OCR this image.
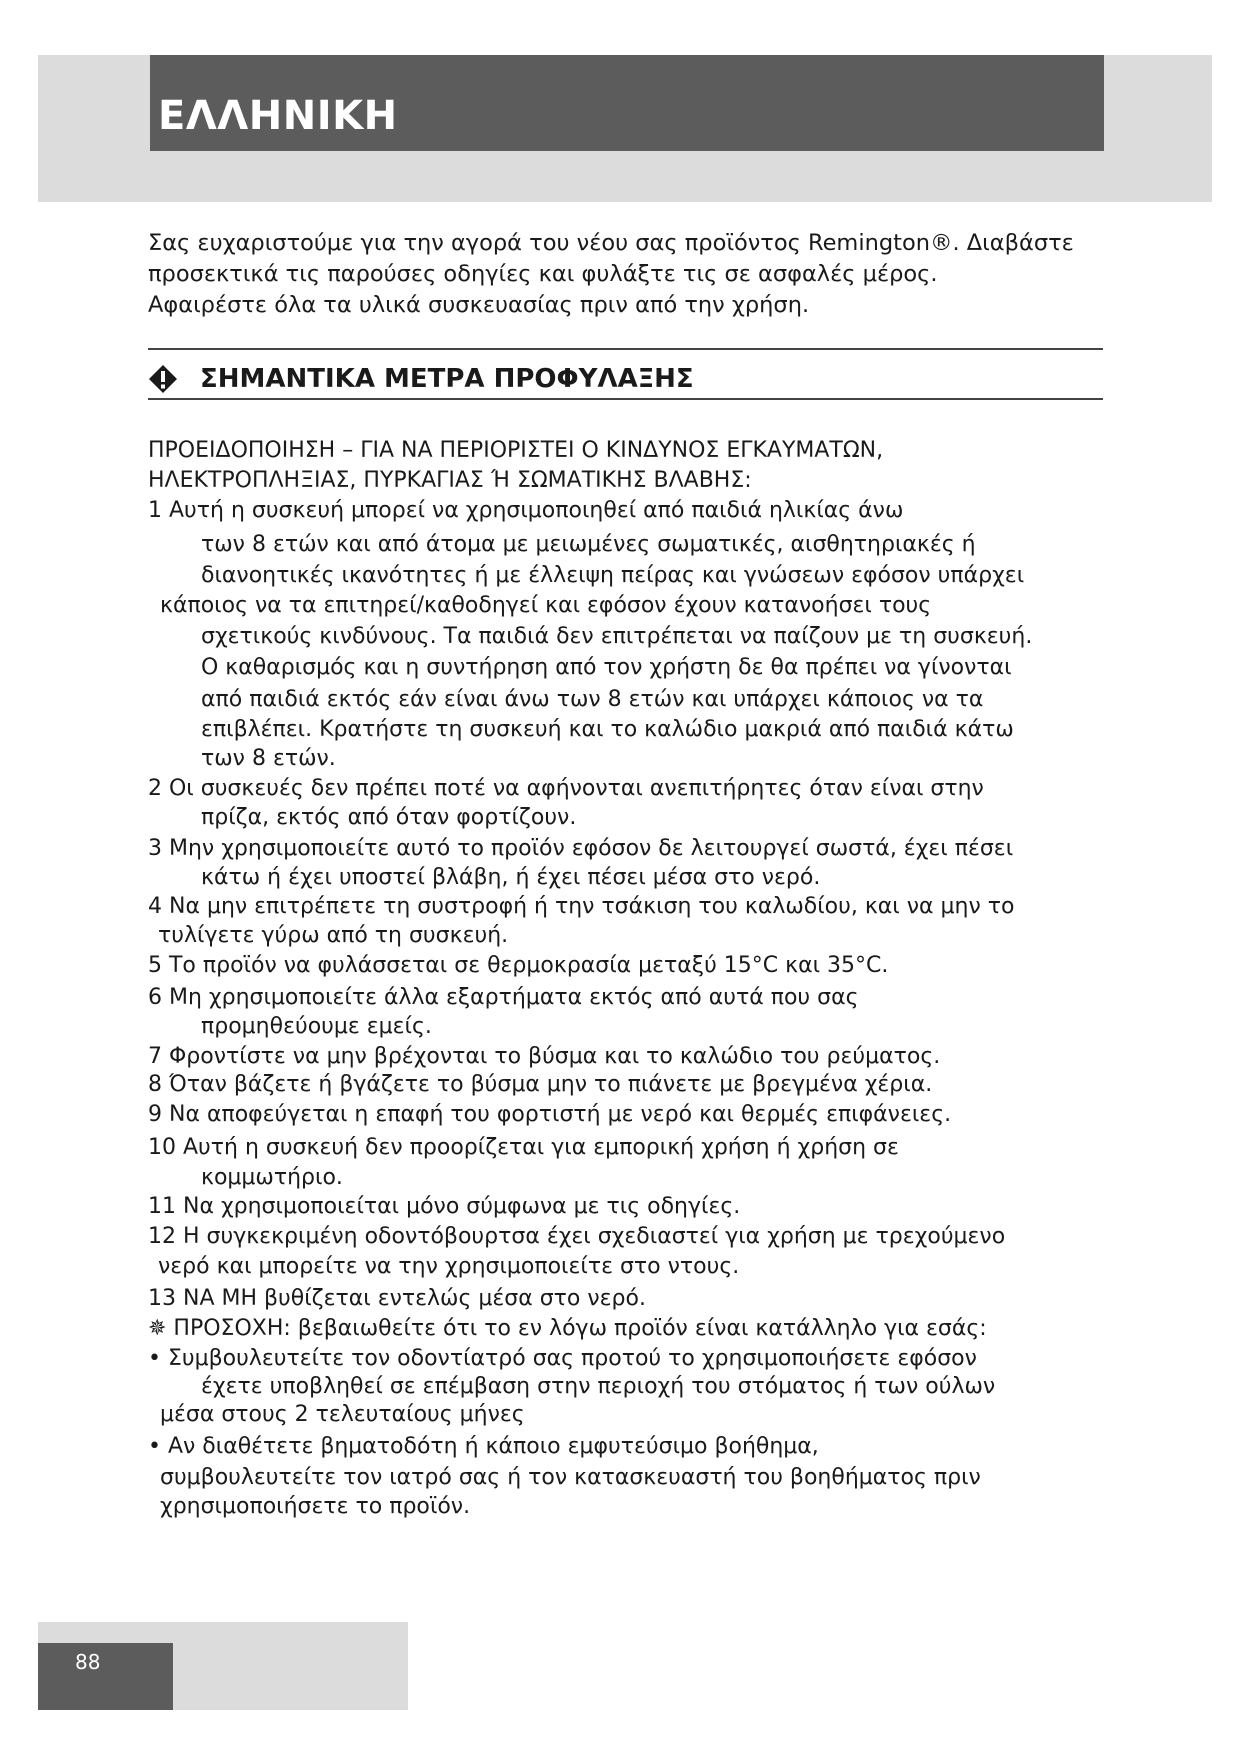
ΕΛΛΗΝΙΚΗ
Σας ευχαριστούμε για την αγορά του νέου σας προϊόντος Remington®. Διαβάστε
προσεκτικά τις παρούσες οδηγίες και φυλάξτε τις σε ασφαλές μέρος.
Αφαιρέστε όλα τα υλικά συσκευασίας πριν από την χρήση.
ΣΗΜΑΝΤΙΚΑ ΜΕΤΡΑ ΠΡΟΦΥΛΑΞΗΣ
ΠΡΟΕΙΔΟΠΟΙΗΣΗ – ΓΙΑ ΝΑ ΠΕΡΙΟΡΙΣΤΕΙ Ο ΚΙΝΔΥΝΟΣ ΕΓΚΑΥΜΑΤΩΝ,
ΗΛΕΚΤΡΟΠΛΗΞΙΑΣ, ΠΥΡΚΑΓΙΑΣ Ή ΣΩΜΑΤΙΚΗΣ ΒΛΑΒΗΣ:
1 Αυτή η συσκευή μπορεί να χρησιμοποιηθεί από παιδιά ηλικίας άνω
των 8 ετών και από άτομα με μειωμένες σωματικές, αισθητηριακές ή
διανοητικές ικανότητες ή με έλλειψη πείρας και γνώσεων εφόσον υπάρχει
κάποιος να τα επιτηρεί/καθοδηγεί και εφόσον έχουν κατανοήσει τους
σχετικούς κινδύνους. Τα παιδιά δεν επιτρέπεται να παίζουν με τη συσκευή.
Ο καθαρισμός και η συντήρηση από τον χρήστη δε θα πρέπει να γίνονται
από παιδιά εκτός εάν είναι άνω των 8 ετών και υπάρχει κάποιος να τα
επιβλέπει. Κρατήστε τη συσκευή και το καλώδιο μακριά από παιδιά κάτω
των 8 ετών.
2 Οι συσκευές δεν πρέπει ποτέ να αφήνονται ανεπιτήρητες όταν είναι στην
πρίζα, εκτός από όταν φορτίζουν.
3 Μην χρησιμοποιείτε αυτό το προϊόν εφόσον δε λειτουργεί σωστά, έχει πέσει
κάτω ή έχει υποστεί βλάβη, ή έχει πέσει μέσα στο νερό.
4 Να μην επιτρέπετε τη συστροφή ή την τσάκιση του καλωδίου, και να μην το
τυλίγετε γύρω από τη συσκευή.
5 Το προϊόν να φυλάσσεται σε θερμοκρασία μεταξύ 15°C και 35°C.
6 Μη χρησιμοποιείτε άλλα εξαρτήματα εκτός από αυτά που σας
προμηθεύουμε εμείς.
7 Φροντίστε να μην βρέχονται το βύσμα και το καλώδιο του ρεύματος.
8 Όταν βάζετε ή βγάζετε το βύσμα μην το πιάνετε με βρεγμένα χέρια.
9 Να αποφεύγεται η επαφή του φορτιστή με νερό και θερμές επιφάνειες.
10 Αυτή η συσκευή δεν προορίζεται για εμπορική χρήση ή χρήση σε
κομμωτήριο.
11 Να χρησιμοποιείται μόνο σύμφωνα με τις οδηγίες.
12 Η συγκεκριμένη οδοντόβουρτσα έχει σχεδιαστεί για χρήση με τρεχούμενο
νερό και μπορείτε να την χρησιμοποιείτε στο ντους.
13 ΝΑ ΜΗ βυθίζεται εντελώς μέσα στο νερό.
✵ ΠΡΟΣΟΧΗ: βεβαιωθείτε ότι το εν λόγω προϊόν είναι κατάλληλο για εσάς:
• Συμβουλευτείτε τον οδοντίατρό σας προτού το χρησιμοποιήσετε εφόσον
έχετε υποβληθεί σε επέμβαση στην περιοχή του στόματος ή των ούλων
μέσα στους 2 τελευταίους μήνες
• Αν διαθέτετε βηματοδότη ή κάποιο εμφυτεύσιμο βοήθημα,
συμβουλευτείτε τον ιατρό σας ή τον κατασκευαστή του βοηθήματος πριν
χρησιμοποιήσετε το προϊόν.
88
